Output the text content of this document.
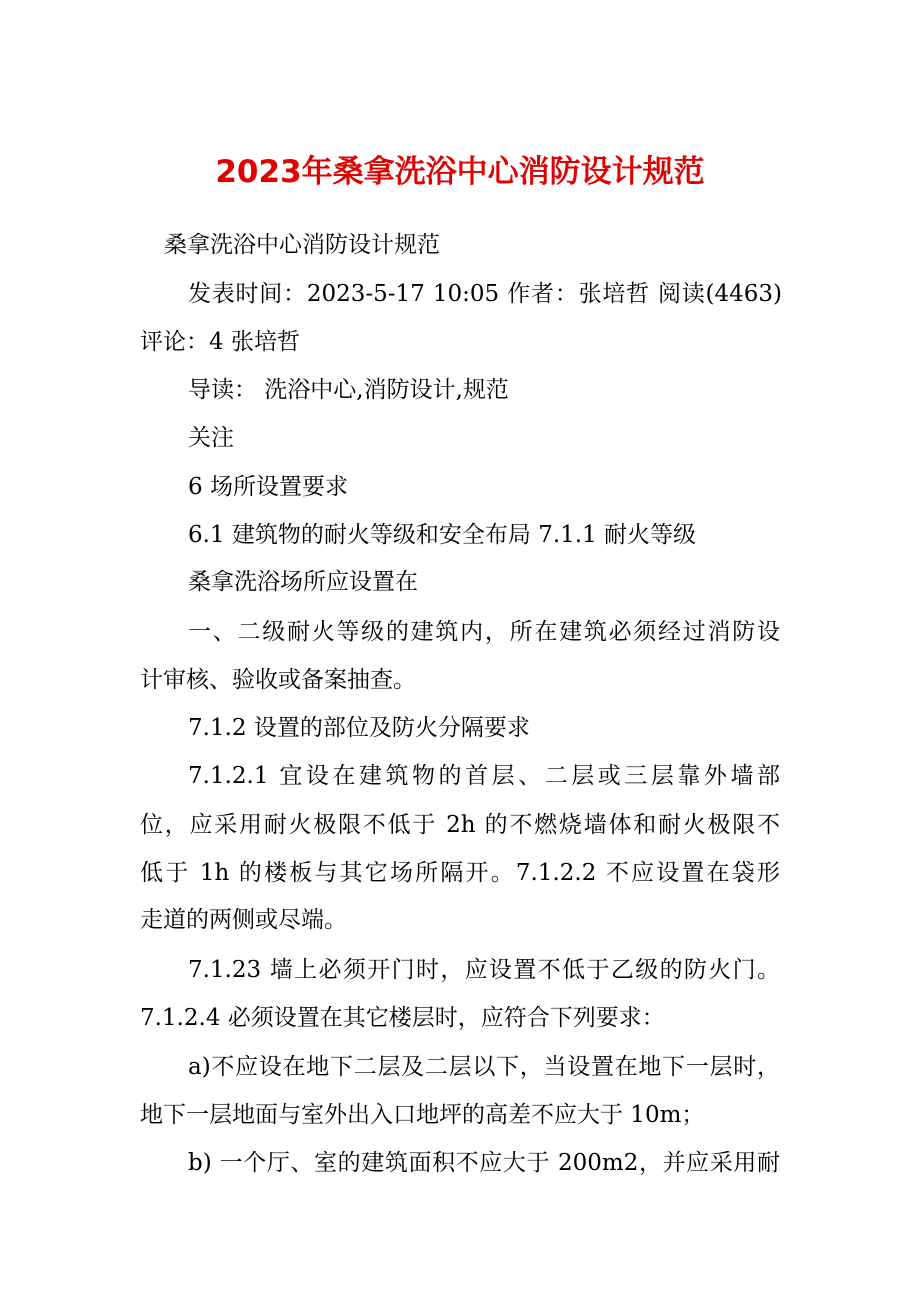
2023年桑拿洗浴中心消防设计规范
桑拿洗浴中心消防设计规范
发表时间：2023-5-17 10:05 作者：张培哲 阅读(4463)
评论：4 张培哲
导读： 洗浴中心,消防设计,规范
关注
6 场所设置要求
6.1 建筑物的耐火等级和安全布局 7.1.1 耐火等级
桑拿洗浴场所应设置在
一、二级耐火等级的建筑内，所在建筑必须经过消防设
计审核、验收或备案抽查。
7.1.2 设置的部位及防火分隔要求
7.1.2.1 宜设在建筑物的首层、二层或三层靠外墙部
位，应采用耐火极限不低于 2h 的不燃烧墙体和耐火极限不
低于 1h 的楼板与其它场所隔开。7.1.2.2 不应设置在袋形
走道的两侧或尽端。
7.1.23 墙上必须开门时，应设置不低于乙级的防火门。
7.1.2.4 必须设置在其它楼层时，应符合下列要求：
a)不应设在地下二层及二层以下，当设置在地下一层时，
地下一层地面与室外出入口地坪的高差不应大于 10m；
b) 一个厅、室的建筑面积不应大于 200m2，并应采用耐
